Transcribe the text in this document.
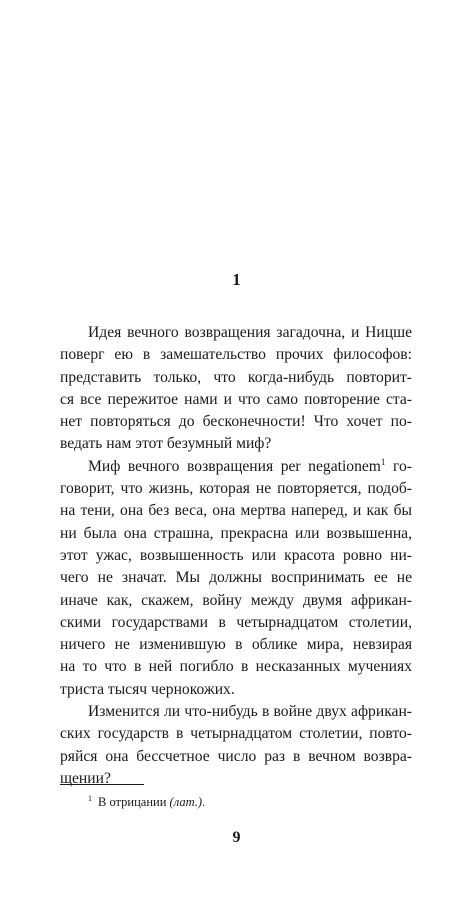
1
Идея вечного возвращения загадочна, и Ницше
поверг ею в замешательство прочих философов:
представить только, что когда-нибудь повторит-
ся все пережитое нами и что само повторение ста-
нет повторяться до бесконечности! Что хочет по-
ведать нам этот безумный миф?
Миф вечного возвращения per negationem$^1$ го-
говорит, что жизнь, которая не повторяется, подоб-
на тени, она без веса, она мертва наперед, и как бы
ни была она страшна, прекрасна или возвышенна,
этот ужас, возвышенность или красота ровно ни-
чего не значат. Мы должны воспринимать ее не
иначе как, скажем, войну между двумя африкан-
скими государствами в четырнадцатом столетии,
ничего не изменившую в облике мира, невзирая
на то что в ней погибло в несказанных мучениях
триста тысяч чернокожих.
Изменится ли что-нибудь в войне двух африкан-
ских государств в четырнадцатом столетии, повто-
ряйся она бессчетное число раз в вечном возвра-
щении?
$^1$ В отрицании (лат.).
9
